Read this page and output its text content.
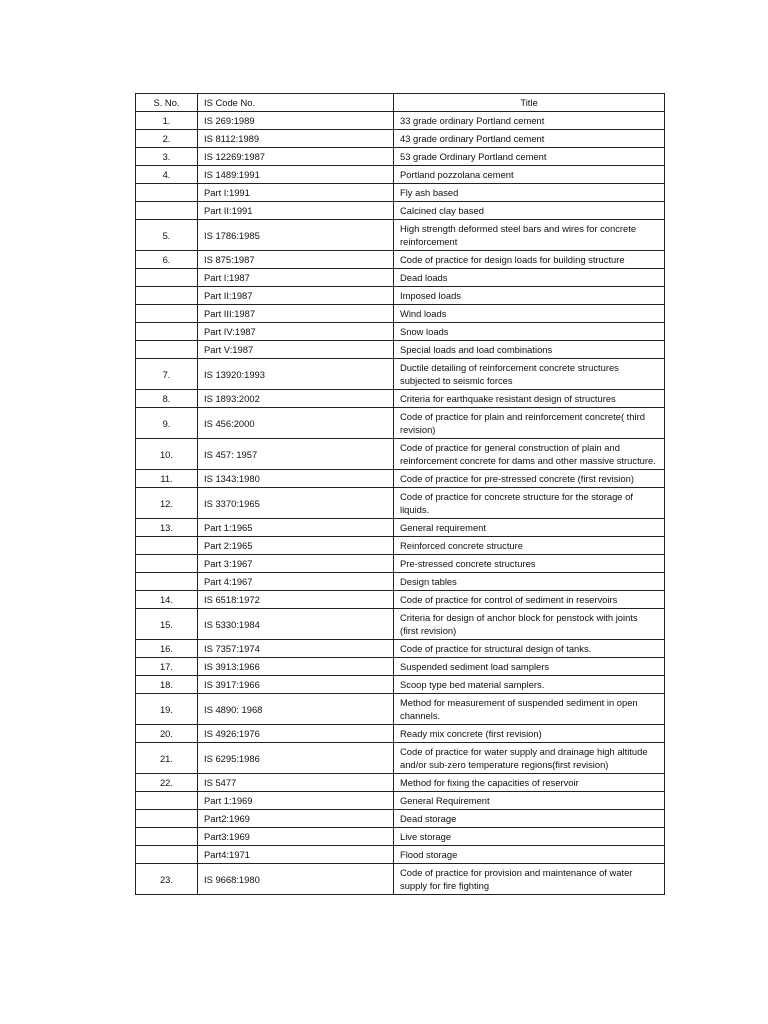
S. No.	IS Code No.	Title
1.	IS 269:1989	33 grade ordinary Portland cement
2.	IS 8112:1989	43 grade ordinary Portland cement
3.	IS 12269:1987	53 grade Ordinary Portland cement
4.	IS 1489:1991	Portland pozzolana cement
	Part I:1991	Fly ash based
	Part II:1991	Calcined clay based
5.	IS 1786:1985	High strength deformed steel bars and wires for concrete reinforcement
6.	IS 875:1987	Code of practice for design loads for building structure
	Part I:1987	Dead loads
	Part II:1987	Imposed loads
	Part III:1987	Wind loads
	Part IV:1987	Snow loads
	Part V:1987	Special loads and load combinations
7.	IS 13920:1993	Ductile detailing of reinforcement concrete structures subjected to seismic forces
8.	IS 1893:2002	Criteria for earthquake resistant design of structures
9.	IS 456:2000	Code of practice for plain and reinforcement concrete( third revision)
10.	IS 457: 1957	Code of practice for general construction of plain and reinforcement concrete for dams and other massive structure.
11.	IS 1343:1980	Code of practice for pre-stressed concrete (first revision)
12.	IS 3370:1965	Code of practice for concrete structure for the storage of liquids.
13.	Part 1:1965	General requirement
	Part 2:1965	Reinforced concrete structure
	Part 3:1967	Pre-stressed concrete structures
	Part 4:1967	Design tables
14.	IS 6518:1972	Code of practice for control of sediment in reservoirs
15.	IS 5330:1984	Criteria for design of anchor block for penstock with joints (first revision)
16.	IS 7357:1974	Code of practice for structural design of tanks.
17.	IS 3913:1966	Suspended sediment load samplers
18.	IS 3917:1966	Scoop type bed material samplers.
19.	IS 4890: 1968	Method for measurement of suspended sediment in open channels.
20.	IS 4926:1976	Ready mix concrete (first revision)
21.	IS 6295:1986	Code of practice for water supply and drainage high altitude and/or sub-zero temperature regions(first revision)
22.	IS 5477	Method for fixing the capacities of reservoir
	Part 1:1969	General Requirement
	Part2:1969	Dead storage
	Part3:1969	Live storage
	Part4:1971	Flood storage
23.	IS 9668:1980	Code of practice for provision and maintenance of water supply for fire fighting
